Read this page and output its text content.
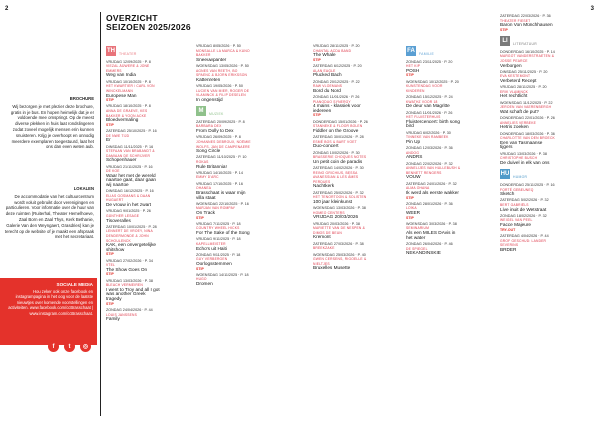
2	3
OVERZICHT
SEIZOEN 2025/2026
BROCHURE
Wij bezorgen je met plezier deze brochure, gratis in je bus. En hopen heimelijk dat je er voldoende mee omspringt. Op de meest diverse plekken in huis laat rondslingeren zodat zoveel mogelijk mensen erin kunnen snuisteren. Krijg je overhoopt en onnodig meerdere exemplaren toegestuurd, laat het ons dan even weten aub.
LOKALEN
De accommodatie van het cultuurcentrum wordt voluit gebruikt door verenigingen en particulieren. Voor informatie over de huur van deze ruimten (Ruiterhal, Theater Hemelhoeve, Zaal Born en Zaal Thys, Kerk Bethanie, Galerie Van den Weyngaert, Grasdries) kan je terecht op de website of je maakt een afspraak met het secretariaat.
SOCIALE MEDIA
Hou zeker ook onze facebook en instagrampagina in het oog voor de laatste nieuwtjes over komende voorstellingen en activiteiten. www.facebook.com/ccBrasschaat | www.instagram.com/ccBrasschaat.
f	t	◎
TH THEATER
VRIJDAG 12/09/2025 · P. 8
VIEZAL ÄÜWERE & JONE EMMERS
Weg van India
VRIJDAG 10/10/2025 · P. 8
HET KWARTIER / CARL VON WINCKELMANN
Europese Man
STIP
VRIJDAG 18/10/2025 · P. 8
ANNA DE GRAEVE, KES BAKKER & YOON ACKE
Bloedvermaling
STIP
ZATERDAG 25/10/2025 · P. 16
DE NWE TIJD
Er
DINSDAG 11/11/2025 · P. 16
STEFAAN VAN BRABANDT & DAMIAAN DE SCHRIJVER
Schopenhauer
VRIJDAG 21/11/2025 · P. 16
DE KOE
Waar het met de wereld naartoe gaat, daar gaan wij naartoe
DINSDAG 16/12/2025 · P. 16
ELIAS GOSMANS & DAAN HUGAERT
De vrouw in het zwart
VRIJDAG 9/01/2025 · P. 26
GÜNTHER LESAGE
Tisoveralles
ZATERDAG 10/01/2025 · P. 28
LENNERT DE VROEY, NINA DENDERMONDE & JOHN SCHOULENCK
KAK, een onvergetelijke shitshow
STIP
VRIJDAG 27/02/2026 · P. 34
VTEL
The Show Goes On
STIP
VRIJDAG 13/03/2026 · P. 38
BLEACH VERMEIREN
I went to Troy and all I got was another Greek tragedy
STIP
ZONDAG 24/04/2026 · P. 44
LOUIS JANSSENS
Family
VRIJDAG 8/05/2026 · P. 50
MONSALLE LA MARCA & KUNO BAKKER
Sneeuwpanter
WOENSDAG 13/05/2026 · P. 50
AGNES VAN REETH, BO SPAENC & BJORN ERIKSSON
Kattenreten
VRIJDAG 19/05/2026 · P. 50
LUCIEN VAN MIER, ROGER DE VLAMINCK & FILIP DESELEN
In ongenstijd
M	MUZIEK
ZATERDAG 20/09/2025 · P. 8
BARBARA DEX
From Dolly to Dex
VRIJDAG 26/09/2025 · P. 8
JOHANNES DEBROUX, NOËMIE WOLFS, JAN DE CAMPENAERE
Song Circle
ZATERDAG 11/10/2025 · P. 10
ROKAS
Rule Britannia!
VRIJDAG 14/10/2025 · P. 14
EMMY D'ARC
VRIJDAG 17/10/2025 · P. 16
OHANEA
Brasschaat is waar mijn villa staat
WOENSDAG 22/10/2025 · P. 16
MARJAN VAN ROMPAY
On Track
STIP
VRIJDAG 7/11/2025 · P. 18
COUNTRY WHEEL HICKS
For The Sake of the Song
VRIJDAG 9/11/2025 · P. 18
KAPELLMEISTER
Echo's uit Haiti
ZONDAG 9/11/2025 · P. 18
GUY VERBERGEN
Oorlogsstemmen
STIP
WOENSDAG 14/11/2025 · P. 18
HUGO
Dromen
VRIJDAG 28/11/2025 · P. 20
CHANTAL ACDA BAND
The Whale
STIP
ZATERDAG 6/12/2025 · P. 20
ALAN EAGLE
Plucked Bach
ZONDAG 20/12/2025 · P. 22
RAW VLOEMANS
Bord du Nord
ZONDAG 11/01/2026 · P. 26
PIANODUO SYNERGY
4 mains - klassiek voor iedereen
STIP
DONDERDAG 15/01/2026 · P. 26
STANNEKE & FLOOR BOLEN
Fiddler on the Groove
ZATERDAG 30/01/2026 · P. 28
ESMÉ BOS & BART VOET
Duo-concert
ZONDAG 10/02/2026 · P. 30
BRASSERIE CHOQUES NOTES
Un petit coin de paradis
ZATERDAG 14/02/2026 · P. 30
REINO GRICHIUS, BESSA AVANESSIAN & LES ÂMES PERDUES
Nachtkerk
ZATERDAG 25/02/2026 · P. 32
HET TENORTOON & SOLISTEN
100 jaar kleinkunst
WOENSDAG 13/03/2026 · P. 38
HOMEO CENTERS
VRIJDAG 20/03/2026
VRIJDAG 20/03/2026 · P. 38
MARIETTE VAN DE NESPEN & DIMOS DE BEUN
Kremont
ZATERDAG 27/03/2026 · P. 38
BREEKZAKE
WOENSDAG 25/03/2026 · P. 40
GWEN CERSENS, RIGOELLE & NIELTJES
Bruxelles Musette
FA	FAMILIE
ZONDAG 23/11/2025 · P. 20
HET KIP
POSH
STIP
WOENSDAG 10/12/2025 · P. 20
KUNSTENDAG VOOR KINDEREN
ZONDAG 15/12/2025 · P. 24
KWATHZ VOOR 18
De deur van Magritte
ZONDAG 11/01/2026 · P. 26
HET FLUISTERHUIS
Fluistercencert: birth song bird
VRIJDAG 6/02/2026 · P. 30
TINNEKE VAN RAMBEEK
Pin Up
ZONDAG 12/03/2026 · P. 36
ANDOG
ANDRS
ZONDAG 22/02/2026 · P. 32
ANNELIJES VAN HULLEBUSH & BENNETT RENGERS
VOUW
ZATERDAG 24/01/2026 · P. 32
ALMA OHANA
Ik werd als eerste wakker
STIP
ZONDAG 28/01/2026 · P. 36
LOÏKA
WEER
STIP
WOENSDAG 3/03/2026 · P. 38
SEMINARIUM
Als een MILES DAvis in het water
ZONDAG 26/04/2026 · P. 46
DE SPIEGEL
NEKANDINSKIE
ZATERDAG 22/03/2026 · P. 36
THEATER FIESET
Baron Von Münchhausen
STIP
LI	LITERATUUR
DONDERDAG 16/10/2025 · P. 14
MARGOT VANDERSTRAETEN & JOSSE PEARCE
Verborgen
DINSDAG 25/11/2025 · P. 20
EVA KESTEMONT
Verbeterd Recept
VRIJDAG 28/11/2025 · P. 20
ERIK VLAMINCK
Het rechtlicht
WOENSDAG 11/12/2025 · P. 22
JEROEN VAN VAERENBERGH
Wat schaft de put?
DONDERDAG 22/01/2026 · P. 26
ANNELIES VERBEKE
Hetris zoeken
DONDERDAG 18/03/2026 · P. 36
CHARLOTTE VAN DEN BROECK
Een van Tasmaanse tijgers
VRIJDAG 13/03/2026 · P. 38
CHRISTOPHE BUSCH
De duivel in elk van ons
HU HUMOR
DONDERDAG 25/11/2025 · P. 16
FORTÉ GEBEUNEQ
Sketch
ZATERDAG 5/02/2026 · P. 32
BERT GABRIËLS
Live inuit de Wetstraat
ZONDAG 18/02/2026 · P. 32
WEIGEL VAN PEEL
Facce Majeure
TRY-OUT
ZATERDAG 4/04/2026 · P. 44
GROF GESCHUD: LANDER SEVERINS
BRDER
